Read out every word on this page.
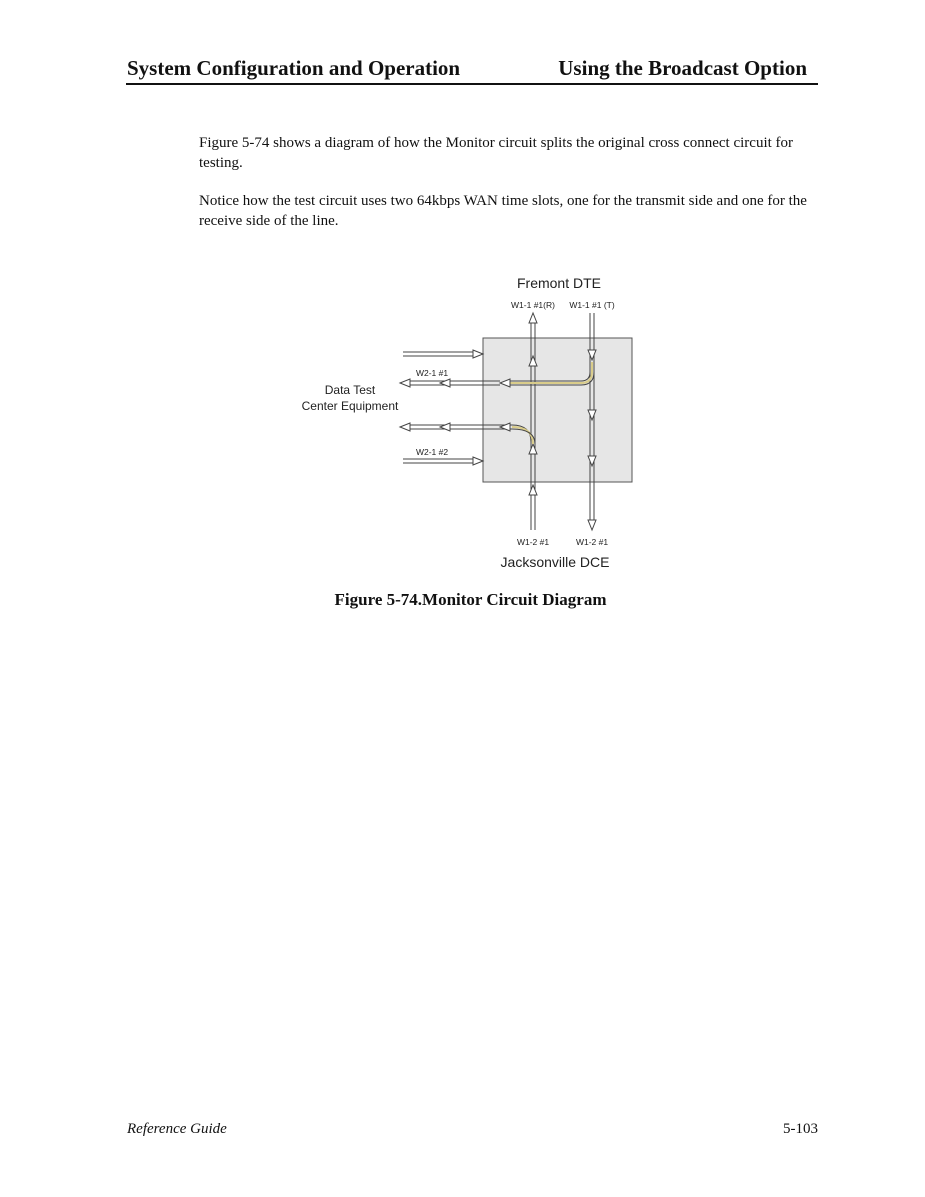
System Configuration and Operation	Using the Broadcast Option

Figure 5-74 shows a diagram of how the Monitor circuit splits the original cross connect circuit for testing.

Notice how the test circuit uses two 64kbps WAN time slots, one for the transmit side and one for the receive side of the line.

Fremont DTE
W1-1 #1(R) W1-1 #1 (T)
Data Test
Center Equipment
W2-1 #1
W2-1 #2
W1-2 #1	W1-2 #1
Jacksonville DCE
Figure 5-74.Monitor Circuit Diagram
Reference Guide	5-103
